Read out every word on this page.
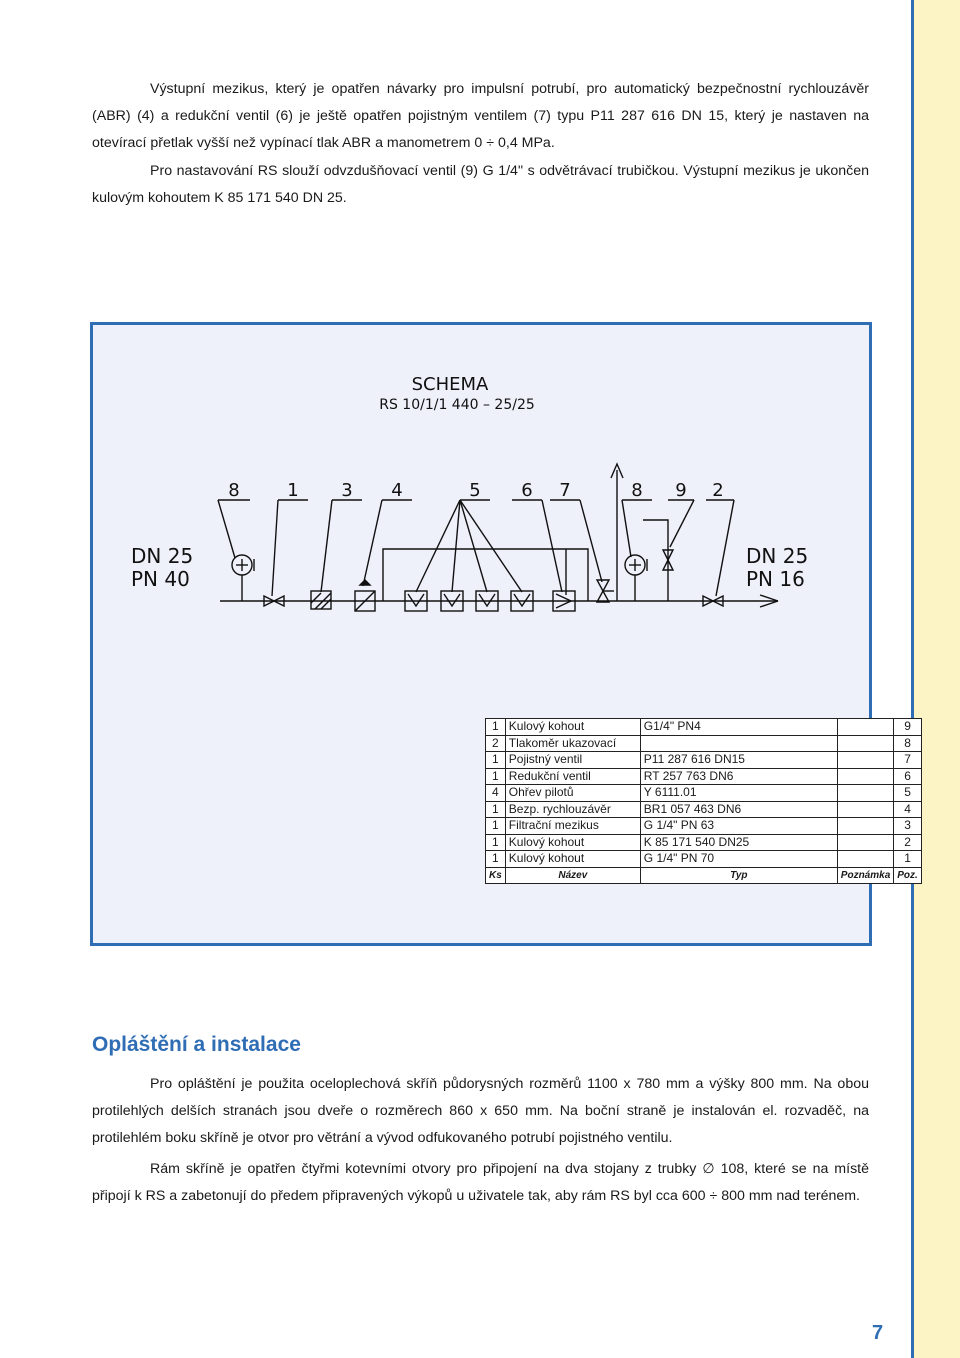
Výstupní mezikus, který je opatřen návarky pro impulsní potrubí, pro automatický bezpečnostní rychlouzávěr (ABR) (4) a redukční ventil (6) je ještě opatřen pojistným ventilem (7) typu P11 287 616 DN 15, který je nastaven na otevírací přetlak vyšší než vypínací tlak ABR a manometrem 0 ÷ 0,4 MPa.

Pro nastavování RS slouží odvzdušňovací ventil (9) G 1/4" s odvětrávací trubičkou. Výstupní mezikus je ukončen kulovým kohoutem K 85 171 540 DN 25.

SCHEMA
RS 10/1/1 440 – 25/25
8	1 3 4	5 6 7	8 9 2
DN 25
PN 40
DN 25
PN 16
1	Kulový kohout	G1/4" PN4		9
2	Tlakoměr ukazovací			8
1	Pojistný ventil	P11 287 616 DN15		7
1	Redukční ventil	RT 257 763 DN6		6
4	Ohřev pilotů	Y 6111.01		5
1	Bezp. rychlouzávěr	BR1 057 463 DN6		4
1	Filtrační mezikus	G 1/4" PN 63		3
1	Kulový kohout	K 85 171 540 DN25		2
1	Kulový kohout	G 1/4" PN 70		1
Ks	Název	Typ	Poznámka	Poz.
Opláštění a instalace

Pro opláštění je použita oceloplechová skříň půdorysných rozměrů 1100 x 780 mm a výšky 800 mm. Na obou protilehlých delších stranách jsou dveře o rozměrech 860 x 650 mm. Na boční straně je instalován el. rozvaděč, na protilehlém boku skříně je otvor pro větrání a vývod odfukovaného potrubí pojistného ventilu.

Rám skříně je opatřen čtyřmi kotevními otvory pro připojení na dva stojany z trubky ∅ 108, které se na místě připojí k RS a zabetonují do předem připravených výkopů u uživatele tak, aby rám RS byl cca 600 ÷ 800 mm nad terénem.

7
